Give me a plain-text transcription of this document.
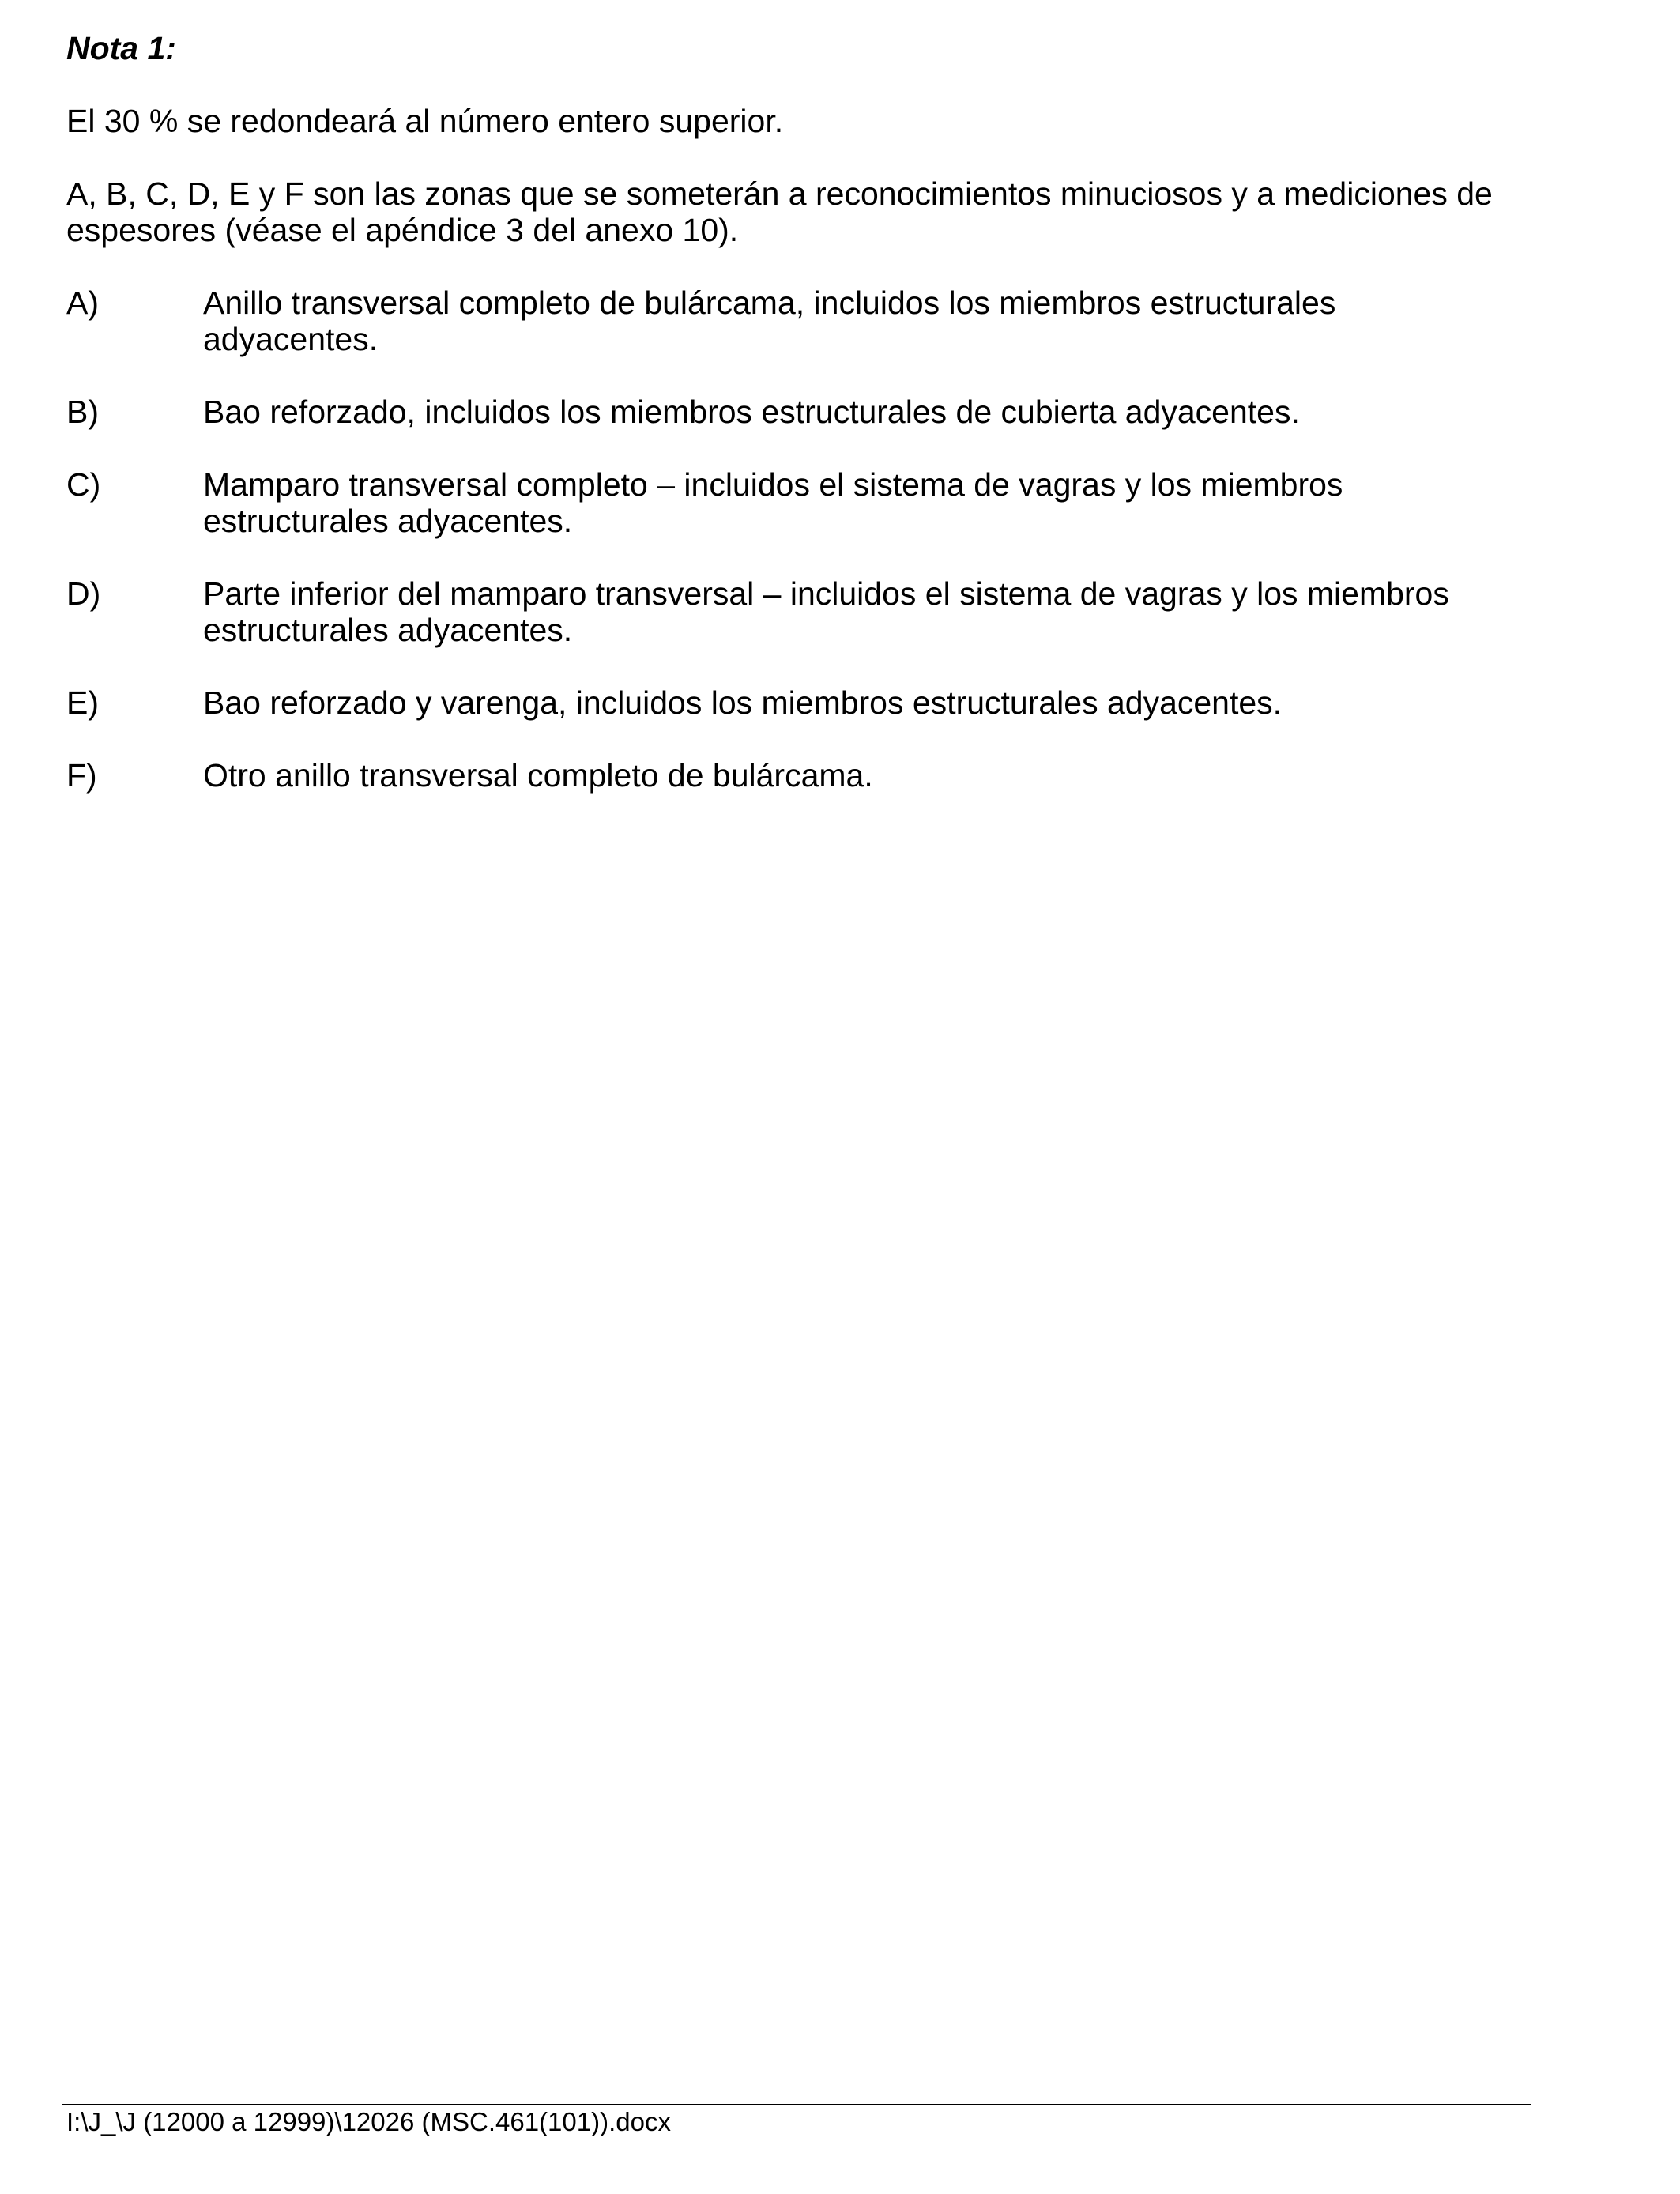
Nota 1:

El 30 % se redondeará al número entero superior.

A, B, C, D, E y F son las zonas que se someterán a reconocimientos minuciosos y a mediciones de espesores (véase el apéndice 3 del anexo 10).

A)	Anillo transversal completo de bulárcama, incluidos los miembros estructurales adyacentes.
B)	Bao reforzado, incluidos los miembros estructurales de cubierta adyacentes.
C)	Mamparo transversal completo – incluidos el sistema de vagras y los miembros estructurales adyacentes.
D)	Parte inferior del mamparo transversal – incluidos el sistema de vagras y los miembros estructurales adyacentes.
E)	Bao reforzado y varenga, incluidos los miembros estructurales adyacentes.
F)	Otro anillo transversal completo de bulárcama.

I:\J_\J (12000 a 12999)\12026 (MSC.461(101)).docx
